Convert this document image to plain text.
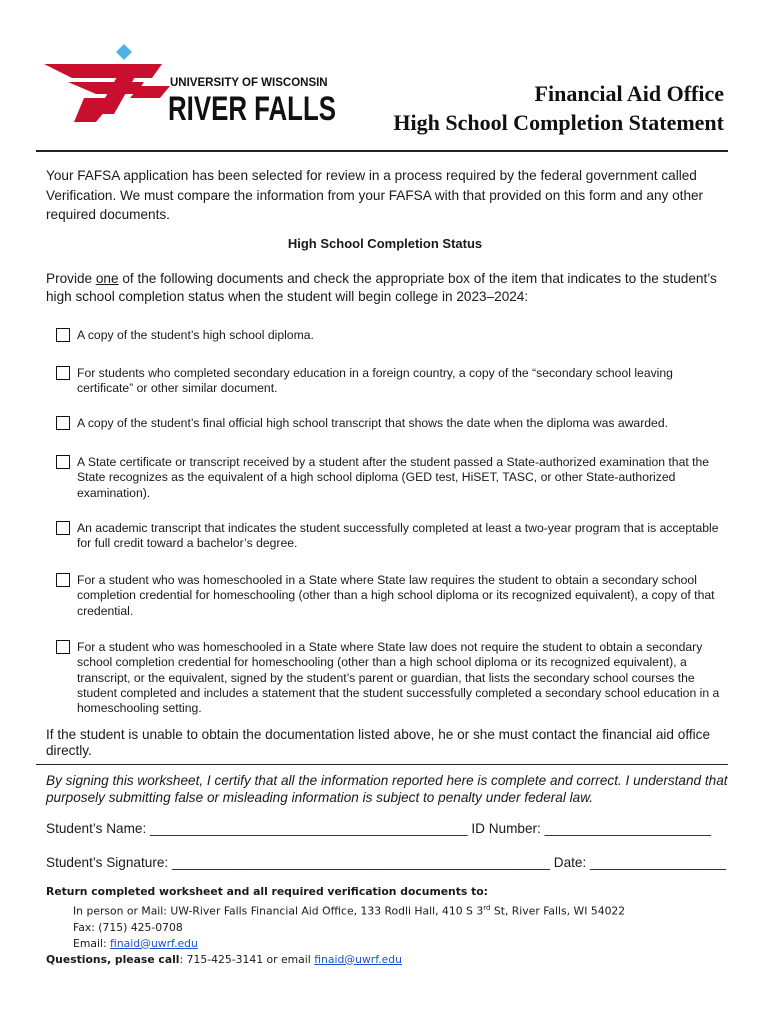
UNIVERSITY OF WISCONSIN
RIVER FALLS	Financial Aid Office
High School Completion Statement
Your FAFSA application has been selected for review in a process required by the federal government called Verification. We must compare the information from your FAFSA with that provided on this form and any other required documents.
High School Completion Status
Provide one of the following documents and check the appropriate box of the item that indicates to the student’s high school completion status when the student will begin college in 2023–2024:
A copy of the student’s high school diploma.
For students who completed secondary education in a foreign country, a copy of the “secondary school leaving certificate” or other similar document.
A copy of the student’s final official high school transcript that shows the date when the diploma was awarded.
A State certificate or transcript received by a student after the student passed a State-authorized examination that the State recognizes as the equivalent of a high school diploma (GED test, HiSET, TASC, or other State-authorized examination).
An academic transcript that indicates the student successfully completed at least a two-year program that is acceptable for full credit toward a bachelor’s degree.
For a student who was homeschooled in a State where State law requires the student to obtain a secondary school completion credential for homeschooling (other than a high school diploma or its recognized equivalent), a copy of that credential.
For a student who was homeschooled in a State where State law does not require the student to obtain a secondary school completion credential for homeschooling (other than a high school diploma or its recognized equivalent), a transcript, or the equivalent, signed by the student’s parent or guardian, that lists the secondary school courses the student completed and includes a statement that the student successfully completed a secondary school education in a homeschooling setting.
If the student is unable to obtain the documentation listed above, he or she must contact the financial aid office directly.
By signing this worksheet, I certify that all the information reported here is complete and correct. I understand that purposely submitting false or misleading information is subject to penalty under federal law.
Student’s Name: __________________________________________ ID Number: ______________________
Student’s Signature: __________________________________________________ Date: __________________
Return completed worksheet and all required verification documents to:
In person or Mail: UW-River Falls Financial Aid Office, 133 Rodli Hall, 410 S 3rd St, River Falls, WI 54022
Fax: (715) 425-0708
Email: finaid@uwrf.edu
Questions, please call: 715-425-3141 or email finaid@uwrf.edu
